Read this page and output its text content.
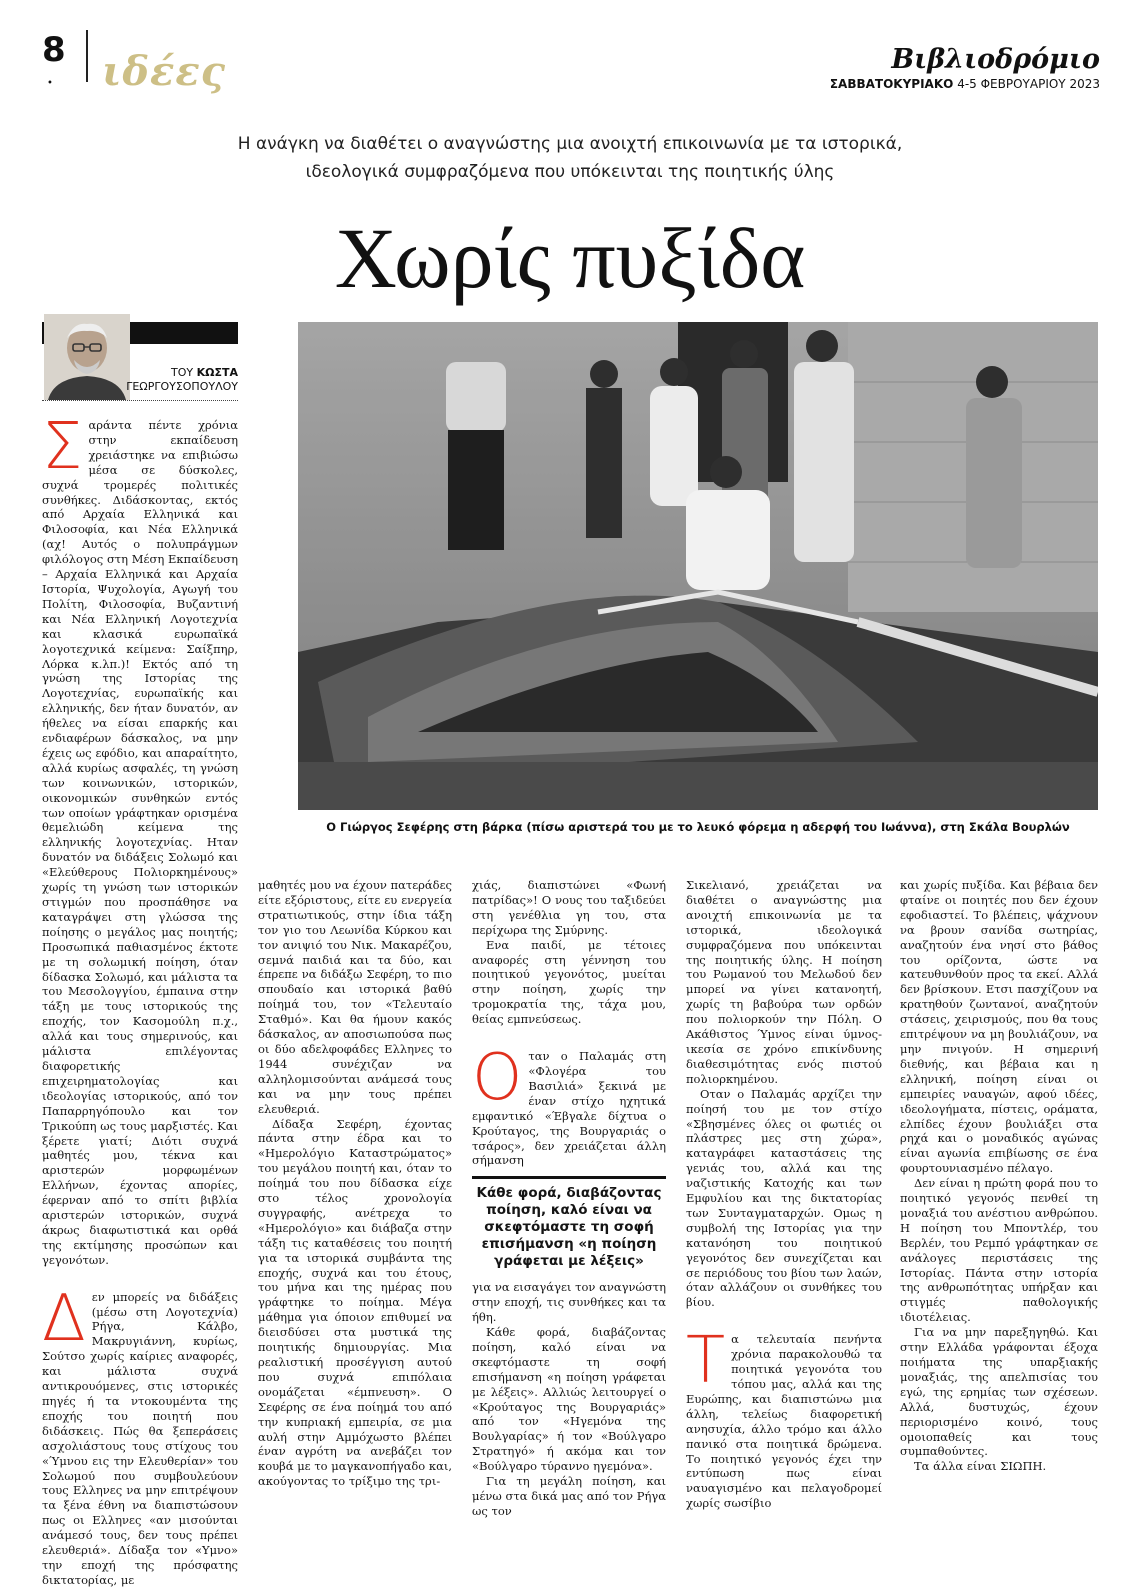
8
• ιδέες	Βιβλιοδρόμιο
ΣΑΒΒΑΤΟΚΥΡΙΑΚΟ 4-5 ΦΕΒΡΟΥΑΡΙΟΥ 2023
Η ανάγκη να διαθέτει ο αναγνώστης μια ανοιχτή επικοινωνία με τα ιστορικά,
ιδεολογικά συμφραζόμενα που υπόκεινται της ποιητικής ύλης
Χωρίς πυξίδα
ΤΟΥ ΚΩΣΤΑ
ΓΕΩΡΓΟΥΣΟΠΟΥΛΟΥ
Ο Γιώργος Σεφέρης στη βάρκα (πίσω αριστερά του με το λευκό φόρεμα η αδερφή του Ιωάννα), στη Σκάλα Βουρλών
Σαράντα πέντε χρόνια στην εκπαίδευση χρειάστηκε να επιβιώσω μέσα σε δύσκολες, συχνά τρομερές πολιτικές συνθήκες. Διδάσκοντας, εκτός από Αρχαία Ελληνικά και Φιλοσοφία, και Νέα Ελληνικά (αχ! Αυτός ο πολυπράγμων φιλόλογος στη Μέση Εκπαίδευση – Αρχαία Ελληνικά και Αρχαία Ιστορία, Ψυχολογία, Αγωγή του Πολίτη, Φιλοσοφία, Βυζαντινή και Νέα Ελληνική Λογοτεχνία και κλασικά ευρωπαϊκά λογοτεχνικά κείμενα: Σαίξπηρ, Λόρκα κ.λπ.)! Εκτός από τη γνώση της Ιστορίας της Λογοτεχνίας, ευρωπαϊκής και ελληνικής, δεν ήταν δυνατόν, αν ήθελες να είσαι επαρκής και ενδιαφέρων δάσκαλος, να μην έχεις ως εφόδιο, και απαραίτητο, αλλά κυρίως ασφαλές, τη γνώση των κοινωνικών, ιστορικών, οικονομικών συνθηκών εντός των οποίων γράφτηκαν ορισμένα θεμελιώδη κείμενα της ελληνικής λογοτεχνίας. Ηταν δυνατόν να διδάξεις Σολωμό και «Ελεύθερους Πολιορκημένους» χωρίς τη γνώση των ιστορικών στιγμών που προσπάθησε να καταγράψει στη γλώσσα της ποίησης ο μεγάλος μας ποιητής; Προσωπικά παθιασμένος έκτοτε με τη σολωμική ποίηση, όταν δίδασκα Σολωμό, και μάλιστα τα του Μεσολογγίου, έμπαινα στην τάξη με τους ιστορικούς της εποχής, τον Κασομούλη π.χ., αλλά και τους σημερινούς, και μάλιστα επιλέγοντας διαφορετικής επιχειρηματολογίας και ιδεολογίας ιστορικούς, από τον Παπαρρηγόπουλο και τον Τρικούπη ως τους μαρξιστές. Και ξέρετε γιατί; Διότι συχνά μαθητές μου, τέκνα και αριστερών μορφωμένων Ελλήνων, έχοντας απορίες, έφερναν από το σπίτι βιβλία αριστερών ιστορικών, συχνά άκρως διαφωτιστικά και ορθά της εκτίμησης προσώπων και γεγονότων.
Δεν μπορείς να διδάξεις (μέσω στη Λογοτεχνία) Ρήγα, Κάλβο, Μακρυγιάννη, κυρίως, Σούτσο χωρίς καίριες αναφορές, και μάλιστα συχνά αντικρουόμενες, στις ιστορικές πηγές ή τα ντοκουμέντα της εποχής του ποιητή που διδάσκεις. Πώς θα ξεπεράσεις ασχολιάστους τους στίχους του «Ύμνου εις την Ελευθερίαν» του Σολωμού που συμβουλεύουν τους Ελληνες να μην επιτρέψουν τα ξένα έθνη να διαπιστώσουν πως οι Ελληνες «αν μισούνται ανάμεσό τους, δεν τους πρέπει ελευθεριά». Δίδαξα τον «Υμνο» την εποχή της πρόσφατης δικτατορίας, με
μαθητές μου να έχουν πατεράδες είτε εξόριστους, είτε ευ ενεργεία στρατιωτικούς, στην ίδια τάξη τον γιο του Λεωνίδα Κύρκου και τον ανιψιό του Νικ. Μακαρέζου, σεμνά παιδιά και τα δύο, και έπρεπε να διδάξω Σεφέρη, το πιο σπουδαίο και ιστορικά βαθύ ποίημά του, τον «Τελευταίο Σταθμό». Και θα ήμουν κακός δάσκαλος, αν αποσιωπούσα πως οι δύο αδελφοφάδες Ελληνες το 1944 συνέχιζαν να αλληλομισούνται ανάμεσά τους και να μην τους πρέπει ελευθεριά.
Δίδαξα Σεφέρη, έχοντας πάντα στην έδρα και το «Ημερολόγιο Καταστρώματος» του μεγάλου ποιητή και, όταν το ποίημά του που δίδασκα είχε στο τέλος χρονολογία συγγραφής, ανέτρεχα το «Ημερολόγιο» και διάβαζα στην τάξη τις καταθέσεις του ποιητή για τα ιστορικά συμβάντα της εποχής, συχνά και του έτους, του μήνα και της ημέρας που γράφτηκε το ποίημα. Μέγα μάθημα για όποιον επιθυμεί να διεισδύσει στα μυστικά της ποιητικής δημιουργίας. Μια ρεαλιστική προσέγγιση αυτού που συχνά επιπόλαια ονομάζεται «έμπνευση». Ο Σεφέρης σε ένα ποίημά του από την κυπριακή εμπειρία, σε μια αυλή στην Αμμόχωστο βλέπει έναν αγρότη να ανεβάζει τον κουβά με το μαγκανοπήγαδο και, ακούγοντας το τρίξιμο της τρι-
χιάς, διαπιστώνει «Φωνή πατρίδας»! Ο νους του ταξιδεύει στη γενέθλια γη του, στα περίχωρα της Σμύρνης.
Ενα παιδί, με τέτοιες αναφορές στη γέννηση του ποιητικού γεγονότος, μυείται στην ποίηση, χωρίς την τρομοκρατία της, τάχα μου, θείας εμπνεύσεως.
Οταν ο Παλαμάς στη «Φλογέρα του Βασιλιά» ξεκινά με έναν στίχο ηχητικά εμφαντικό «Έβγαλε δίχτυα ο Κρούταγος, της Βουργαριάς ο τσάρος», δεν χρειάζεται άλλη σήμανση
Κάθε φορά, διαβάζοντας ποίηση, καλό είναι να σκεφτόμαστε τη σοφή επισήμανση «η ποίηση γράφεται με λέξεις»
για να εισαγάγει τον αναγνώστη στην εποχή, τις συνθήκες και τα ήθη.
Κάθε φορά, διαβάζοντας ποίηση, καλό είναι να σκεφτόμαστε τη σοφή επισήμανση «η ποίηση γράφεται με λέξεις». Αλλιώς λειτουργεί ο «Κρούταγος της Βουργαριάς» από τον «Ηγεμόνα της Βουλγαρίας» ή τον «Βούλγαρο Στρατηγό» ή ακόμα και τον «Βούλγαρο τύραννο ηγεμόνα».
Για τη μεγάλη ποίηση, και μένω στα δικά μας από τον Ρήγα ως τον
Σικελιανό, χρειάζεται να διαθέτει ο αναγνώστης μια ανοιχτή επικοινωνία με τα ιστορικά, ιδεολογικά συμφραζόμενα που υπόκεινται της ποιητικής ύλης. Η ποίηση του Ρωμανού του Μελωδού δεν μπορεί να γίνει κατανοητή, χωρίς τη βαβούρα των ορδών που πολιορκούν την Πόλη. Ο Ακάθιστος Ύμνος είναι ύμνος-ικεσία σε χρόνο επικίνδυνης διαθεσιμότητας ενός πιστού πολιορκημένου.
Οταν ο Παλαμάς αρχίζει την ποίησή του με τον στίχο «Σβησμένες όλες οι φωτιές οι πλάστρες μες στη χώρα», καταγράφει καταστάσεις της γενιάς του, αλλά και της ναζιστικής Κατοχής και των Εμφυλίου και της δικτατορίας των Συνταγματαρχών. Ομως η συμβολή της Ιστορίας για την κατανόηση του ποιητικού γεγονότος δεν συνεχίζεται και σε περιόδους του βίου των λαών, όταν αλλάζουν οι συνθήκες του βίου.
Τα τελευταία πενήντα χρόνια παρακολουθώ τα ποιητικά γεγονότα του τόπου μας, αλλά και της Ευρώπης, και διαπιστώνω μια άλλη, τελείως διαφορετική ανησυχία, άλλο τρόμο και άλλο πανικό στα ποιητικά δρώμενα. Το ποιητικό γεγονός έχει την εντύπωση πως είναι ναυαγισμένο και πελαγοδρομεί χωρίς σωσίβιο
και χωρίς πυξίδα. Και βέβαια δεν φταίνε οι ποιητές που δεν έχουν εφοδιαστεί. Το βλέπεις, ψάχνουν να βρουν σανίδα σωτηρίας, αναζητούν ένα νησί στο βάθος του ορίζοντα, ώστε να κατευθυνθούν προς τα εκεί. Αλλά δεν βρίσκουν. Ετσι πασχίζουν να κρατηθούν ζωντανοί, αναζητούν στάσεις, χειρισμούς, που θα τους επιτρέψουν να μη βουλιάζουν, να μην πνιγούν. Η σημερινή διεθνής, και βέβαια και η ελληνική, ποίηση είναι οι εμπειρίες ναυαγών, αφού ιδέες, ιδεολογήματα, πίστεις, οράματα, ελπίδες έχουν βουλιάξει στα ρηχά και ο μοναδικός αγώνας είναι αγωνία επιβίωσης σε ένα φουρτουνιασμένο πέλαγο.
Δεν είναι η πρώτη φορά που το ποιητικό γεγονός πενθεί τη μοναξιά του ανέστιου ανθρώπου. Η ποίηση του Μποντλέρ, του Βερλέν, του Ρεμπό γράφτηκαν σε ανάλογες περιστάσεις της Ιστορίας. Πάντα στην ιστορία της ανθρωπότητας υπήρξαν και στιγμές παθολογικής ιδιοτέλειας.
Για να μην παρεξηγηθώ. Και στην Ελλάδα γράφονται έξοχα ποιήματα της υπαρξιακής μοναξιάς, της απελπισίας του εγώ, της ερημίας των σχέσεων. Αλλά, δυστυχώς, έχουν περιορισμένο κοινό, τους ομοιοπαθείς και τους συμπαθούντες.
Τα άλλα είναι ΣΙΩΠΗ.
